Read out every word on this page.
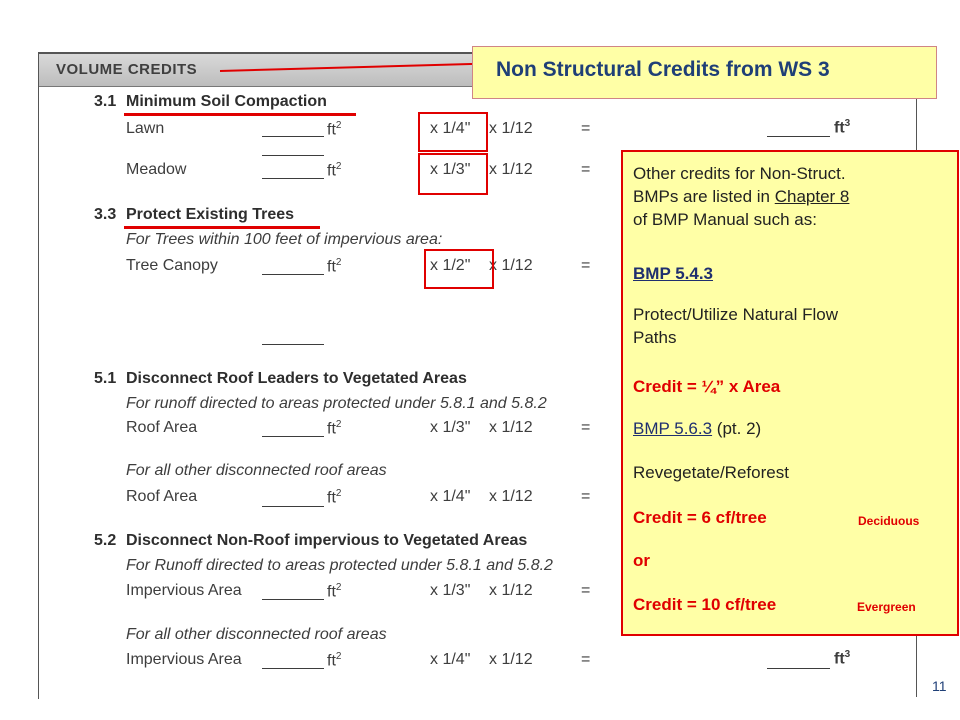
VOLUME CREDITS
3.1 Minimum Soil Compaction
Lawn	$ft^2$	x 1/4" x 1/12	=	$ft^3$
Meadow	$ft^2$	x 1/3" x 1/12	=
3.3 Protect Existing Trees
For Trees within 100 feet of impervious area:
Tree Canopy	$ft^2$	x 1/2" x 1/12	=
5.1 Disconnect Roof Leaders to Vegetated Areas
For runoff directed to areas protected under 5.8.1 and 5.8.2
Roof Area	$ft^2$	x 1/3" x 1/12	=
For all other disconnected roof areas
Roof Area	$ft^2$	x 1/4" x 1/12	=
5.2 Disconnect Non-Roof impervious to Vegetated Areas
For Runoff directed to areas protected under 5.8.1 and 5.8.2
Impervious Area	$ft^2$	x 1/3" x 1/12	=
For all other disconnected roof areas
Impervious Area	$ft^2$	x 1/4" x 1/12	=	$ft^3$
Non Structural Credits from WS 3
Other credits for Non-Struct.
BMPs are listed in Chapter 8
of BMP Manual such as:
BMP 5.4.3
Protect/Utilize Natural Flow
Paths
Credit = ¼” x Area
BMP 5.6.3 (pt. 2)
Revegetate/Reforest
Credit = 6 cf/tree	Deciduous
or
Credit = 10 cf/tree	Evergreen
11
